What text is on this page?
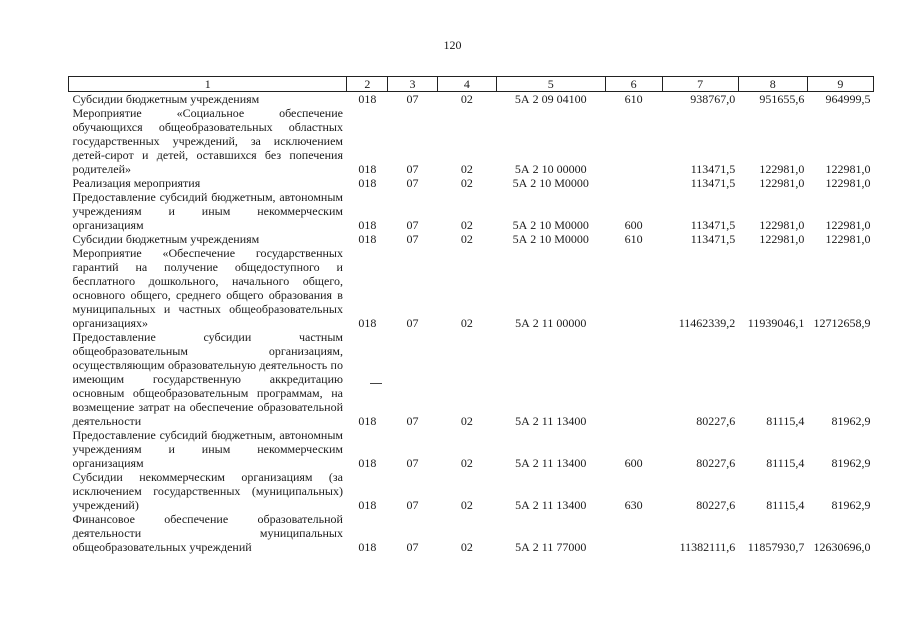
120
1	2	3	4	5	6	7	8	9
Субсидии бюджетным учреждениям	018	07	02	5А 2 09 04100	610	938767,0	951655,6	964999,5
Мероприятие «Социальное обеспечение обучающихся общеобразовательных областных государственных учреждений, за исключением детей-сирот и детей, оставшихся без попечения родителей»	018	07	02	5А 2 10 00000		113471,5	122981,0	122981,0
Реализация мероприятия	018	07	02	5А 2 10 М0000		113471,5	122981,0	122981,0
Предоставление субсидий бюджетным, автономным учреждениям и иным некоммерческим организациям	018	07	02	5А 2 10 М0000	600	113471,5	122981,0	122981,0
Субсидии бюджетным учреждениям	018	07	02	5А 2 10 М0000	610	113471,5	122981,0	122981,0
Мероприятие «Обеспечение государственных гарантий на получение общедоступного и бесплатного дошкольного, начального общего, основного общего, среднего общего образования в муниципальных и частных общеобразовательных организациях»	018	07	02	5А 2 11 00000		11462339,2	11939046,1	12712658,9
Предоставление субсидии частным общеобразовательным организациям, осуществляющим образовательную деятельность по имеющим государственную аккредитацию основным общеобразовательным программам, на возмещение затрат на обеспечение образовательной деятельности	018	07	02	5А 2 11 13400		80227,6	81115,4	81962,9
Предоставление субсидий бюджетным, автономным учреждениям и иным некоммерческим организациям	018	07	02	5А 2 11 13400	600	80227,6	81115,4	81962,9
Субсидии некоммерческим организациям (за исключением государственных (муниципальных) учреждений)	018	07	02	5А 2 11 13400	630	80227,6	81115,4	81962,9
Финансовое обеспечение образовательной деятельности муниципальных общеобразовательных учреждений	018	07	02	5А 2 11 77000		11382111,6	11857930,7	12630696,0
